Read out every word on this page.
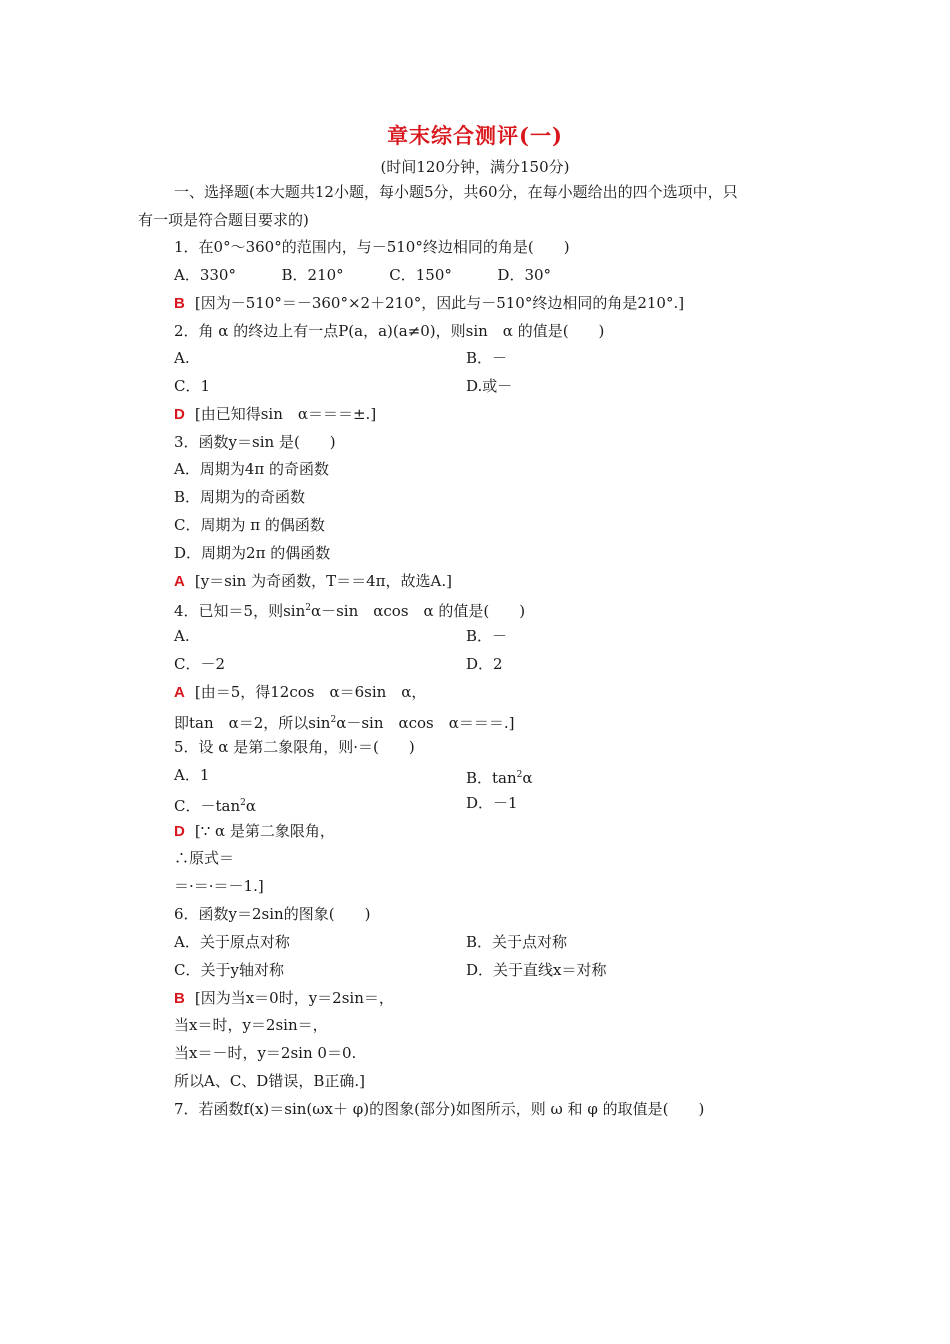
章末综合测评(一)
(时间120分钟，满分150分)
一、选择题(本大题共12小题，每小题5分，共60分，在每小题给出的四个选项中，只
有一项是符合题目要求的)
1．在0°～360°的范围内，与－510°终边相同的角是(　　)
A．330°	B．210°	C．150°	D．30°
B [因为－510°＝－360°×2＋210°，因此与－510°终边相同的角是210°.]
2．角 α 的终边上有一点P(a，a)(a≠0)，则sin　α 的值是(　　)
A.	B．－
C．1	D.或－
D [由已知得sin　α＝＝＝±.]
3．函数y＝sin 是(　　)
A．周期为4π 的奇函数
B．周期为的奇函数
C．周期为 π 的偶函数
D．周期为2π 的偶函数
A [y＝sin 为奇函数，T＝＝4π，故选A.]
4．已知＝5，则$\sin^2\alpha-\sin$　αcos　α 的值是(　　)
A.	B．－
C．－2	D．2
A [由＝5，得12cos　α＝6sin　α，
即tan　α＝2，所以$\sin^2\alpha-\sin$　αcos　α＝＝＝.]
5．设 α 是第二象限角，则·＝(　　)
A．1	B．$\tan^2\alpha$
C．$-\tan^2\alpha$	D．－1
D [∵ α 是第二象限角，
∴原式＝
＝·＝·＝－1.]
6．函数y＝2sin的图象(　　)
A．关于原点对称	B．关于点对称
C．关于y轴对称	D．关于直线x＝对称
B [因为当x＝0时，y＝2sin＝，
当x＝时，y＝2sin＝，
当x＝－时，y＝2sin 0＝0.
所以A、C、D错误，B正确.]
7．若函数f(x)＝sin(ωx＋ φ)的图象(部分)如图所示，则 ω 和 φ 的取值是(　　)
